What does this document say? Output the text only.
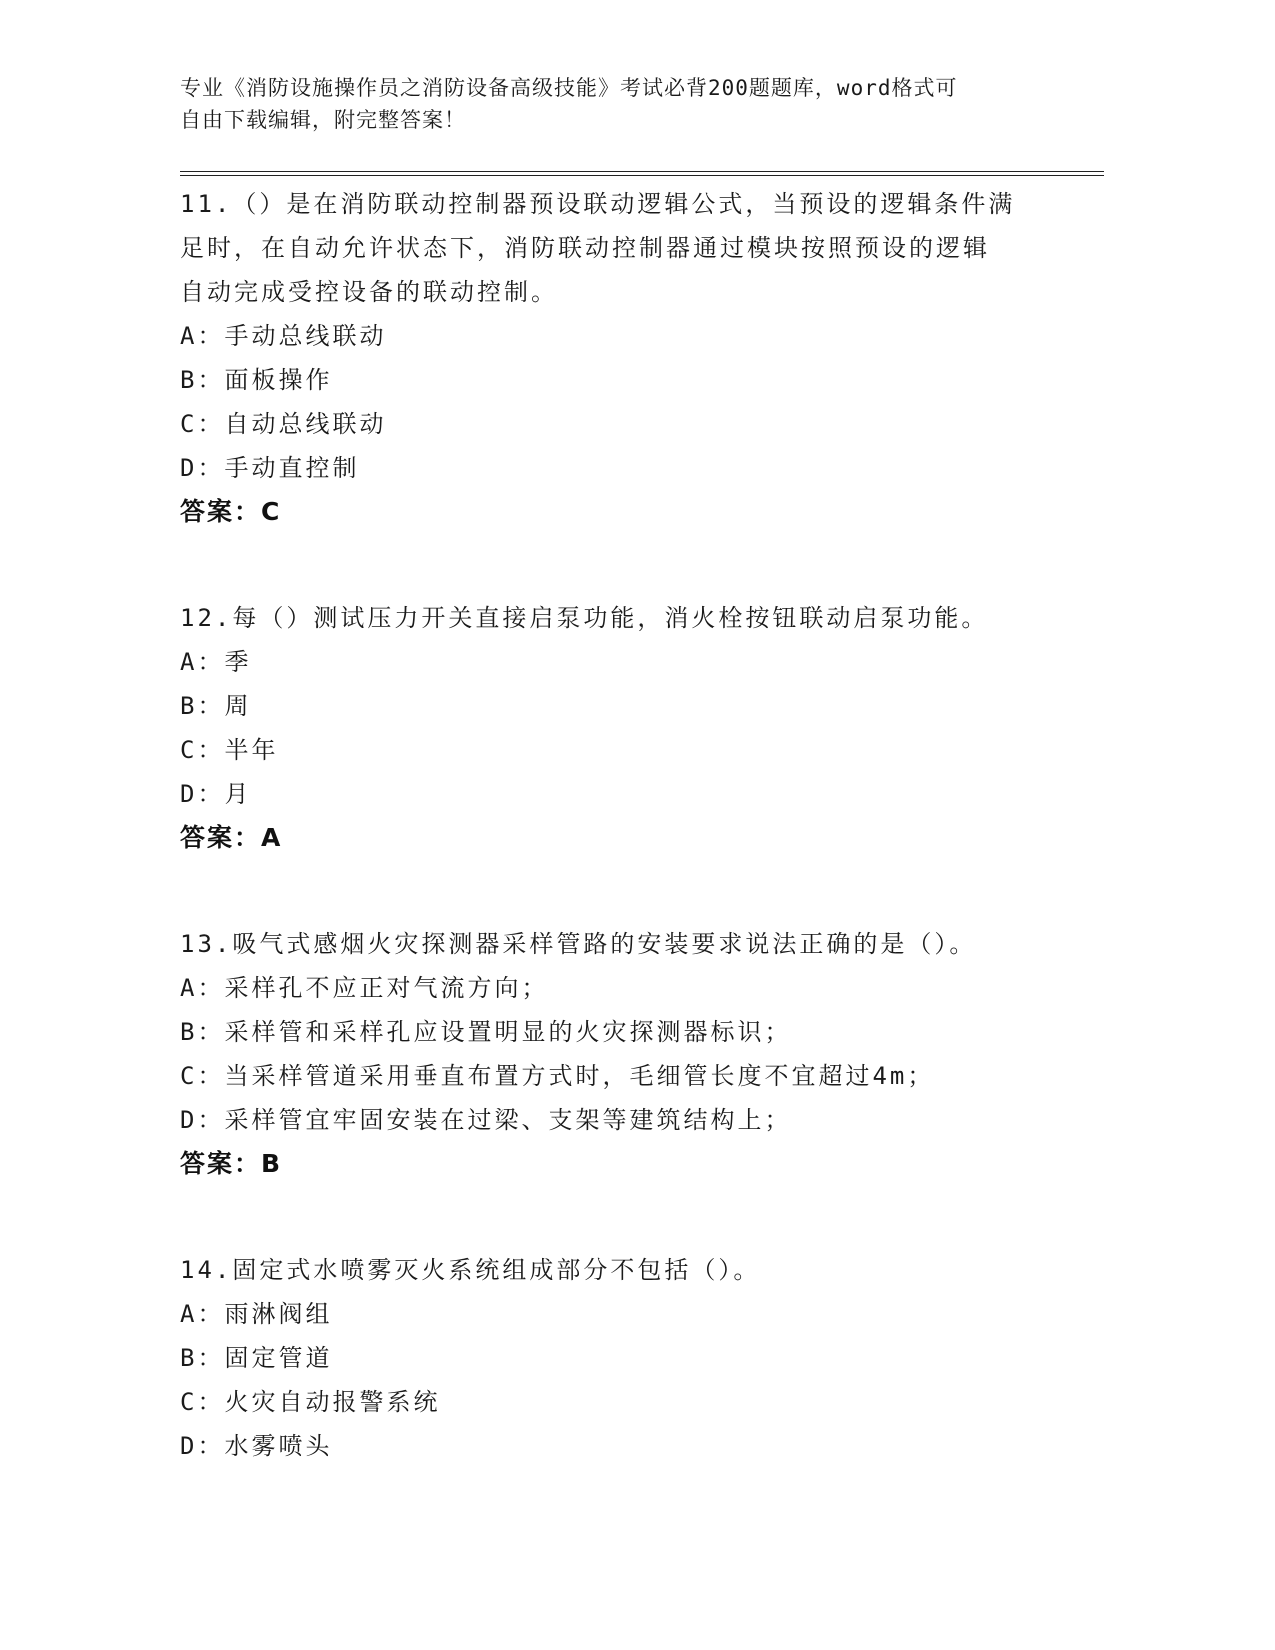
专业《消防设施操作员之消防设备高级技能》考试必背200题题库，word格式可
自由下载编辑，附完整答案！
11.（）是在消防联动控制器预设联动逻辑公式，当预设的逻辑条件满
足时，在自动允许状态下，消防联动控制器通过模块按照预设的逻辑
自动完成受控设备的联动控制。
A：手动总线联动
B：面板操作
C：自动总线联动
D：手动直控制
答案：C
12.每（）测试压力开关直接启泵功能，消火栓按钮联动启泵功能。
A：季
B：周
C：半年
D：月
答案：A
13.吸气式感烟火灾探测器采样管路的安装要求说法正确的是（）。
A：采样孔不应正对气流方向；
B：采样管和采样孔应设置明显的火灾探测器标识；
C：当采样管道采用垂直布置方式时，毛细管长度不宜超过4m；
D：采样管宜牢固安装在过梁、支架等建筑结构上；
答案：B
14.固定式水喷雾灭火系统组成部分不包括（）。
A：雨淋阀组
B：固定管道
C：火灾自动报警系统
D：水雾喷头
